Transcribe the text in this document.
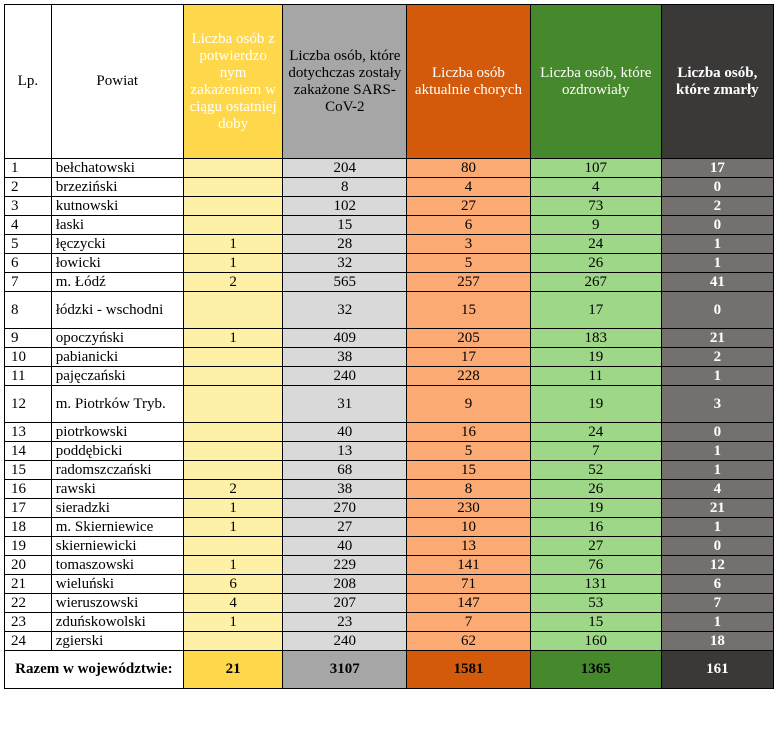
Lp.	Powiat	Liczba osób z potwierdzo nym zakażeniem w ciągu ostatniej doby	Liczba osób, które dotychczas zostały zakażone SARS-CoV-2	Liczba osób aktualnie chorych	Liczba osób, które ozdrowiały	Liczba osób, które zmarły
1	bełchatowski		204	80	107	17
2	brzeziński		8	4	4	0
3	kutnowski		102	27	73	2
4	łaski		15	6	9	0
5	łęczycki	1	28	3	24	1
6	łowicki	1	32	5	26	1
7	m. Łódź	2	565	257	267	41
8	łódzki - wschodni		32	15	17	0
9	opoczyński	1	409	205	183	21
10	pabianicki		38	17	19	2
11	pajęczański		240	228	11	1
12	m. Piotrków Tryb.		31	9	19	3
13	piotrkowski		40	16	24	0
14	poddębicki		13	5	7	1
15	radomszczański		68	15	52	1
16	rawski	2	38	8	26	4
17	sieradzki	1	270	230	19	21
18	m. Skierniewice	1	27	10	16	1
19	skierniewicki		40	13	27	0
20	tomaszowski	1	229	141	76	12
21	wieluński	6	208	71	131	6
22	wieruszowski	4	207	147	53	7
23	zduńskowolski	1	23	7	15	1
24	zgierski		240	62	160	18
Razem w województwie:		21	3107	1581	1365	161
